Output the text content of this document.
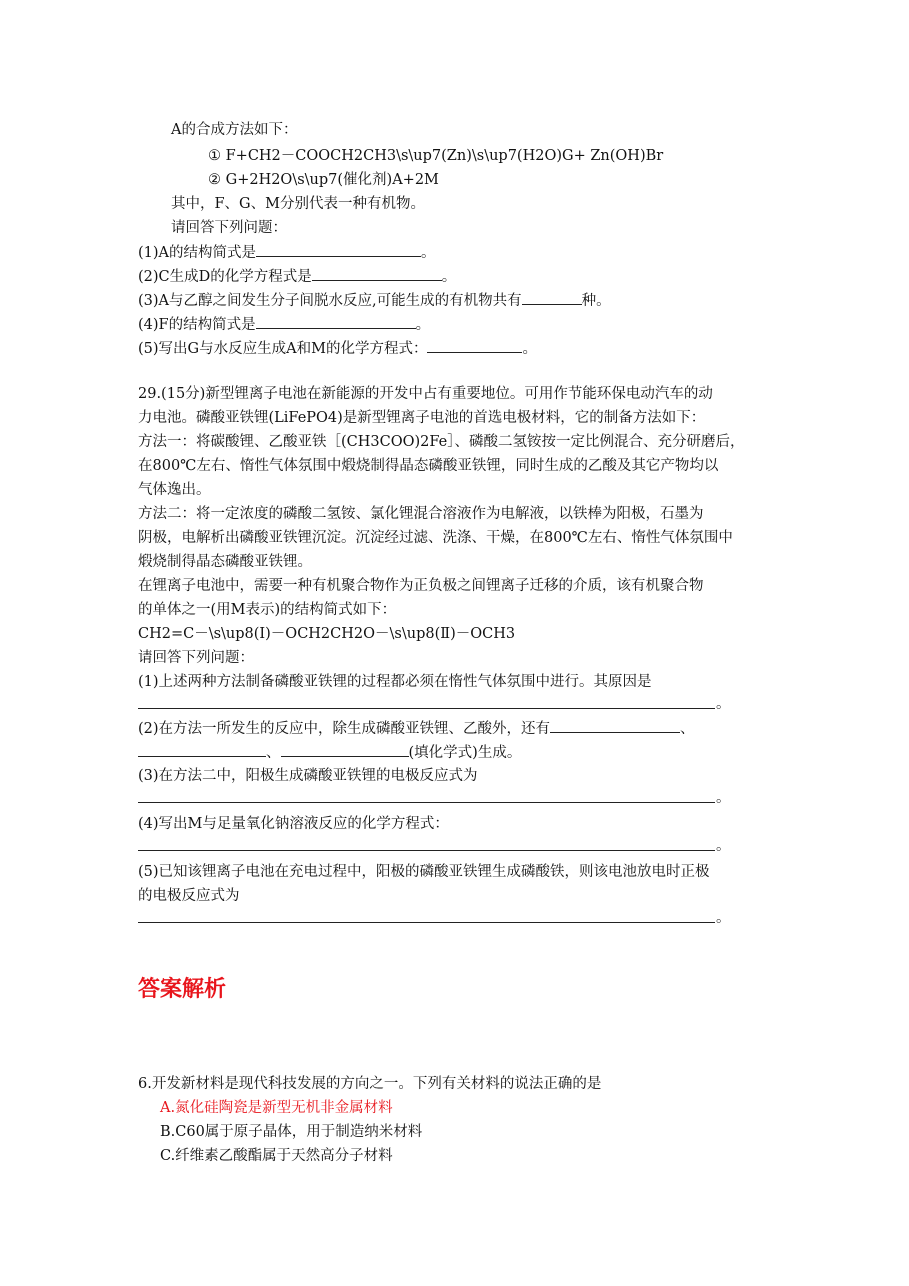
A的合成方法如下：
① F+CH2－COOCH2CH3\s\up7(Zn)\s\up7(H2O)G+ Zn(OH)Br
② G+2H2O\s\up7(催化剂)A+2M
其中，F、G、M分别代表一种有机物。
请回答下列问题：
(1)A的结构简式是	。
(2)C生成D的化学方程式是	。
(3)A与乙醇之间发生分子间脱水反应,可能生成的有机物共有	种。
(4)F的结构简式是	。
(5)写出G与水反应生成A和M的化学方程式：	。
29.(15分)新型锂离子电池在新能源的开发中占有重要地位。可用作节能环保电动汽车的动
力电池。磷酸亚铁锂(LiFePO4)是新型锂离子电池的首选电极材料，它的制备方法如下：
方法一：将碳酸锂、乙酸亚铁［(CH3COO)2Fe］、磷酸二氢铵按一定比例混合、充分研磨后，
在800℃左右、惰性气体氛围中煅烧制得晶态磷酸亚铁锂，同时生成的乙酸及其它产物均以
气体逸出。
方法二：将一定浓度的磷酸二氢铵、氯化锂混合溶液作为电解液，以铁棒为阳极，石墨为
阴极，电解析出磷酸亚铁锂沉淀。沉淀经过滤、洗涤、干燥，在800℃左右、惰性气体氛围中
煅烧制得晶态磷酸亚铁锂。
在锂离子电池中，需要一种有机聚合物作为正负极之间锂离子迁移的介质，该有机聚合物
的单体之一(用M表示)的结构简式如下：
CH2=C－\s\up8(Ⅰ)－OCH2CH2O－\s\up8(Ⅱ)－OCH3
请回答下列问题：
(1)上述两种方法制备磷酸亚铁锂的过程都必须在惰性气体氛围中进行。其原因是
。
(2)在方法一所发生的反应中，除生成磷酸亚铁锂、乙酸外，还有	、
、	(填化学式)生成。
(3)在方法二中，阳极生成磷酸亚铁锂的电极反应式为
。
(4)写出M与足量氧化钠溶液反应的化学方程式：
。
(5)已知该锂离子电池在充电过程中，阳极的磷酸亚铁锂生成磷酸铁，则该电池放电时正极
的电极反应式为
。
答案解析
6.开发新材料是现代科技发展的方向之一。下列有关材料的说法正确的是
A.氮化硅陶瓷是新型无机非金属材料
B.C60属于原子晶体，用于制造纳米材料
C.纤维素乙酸酯属于天然高分子材料
